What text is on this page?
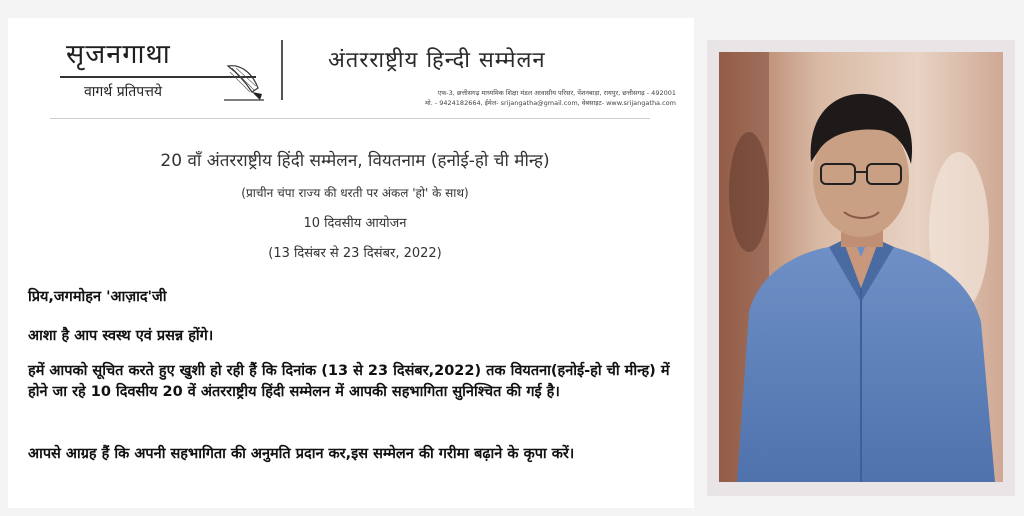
सृजनगाथा
वागर्थ प्रतिपत्तये
अंतरराष्ट्रीय हिन्दी सम्मेलन
एफ-3, छत्तीसगढ़ माध्यमिक शिक्षा मंडल आवासीय परिसर, पेंशनबाड़ा, रायपुर, छत्तीसगढ़ - 492001
मो. - 9424182664, ईमेल- srijangatha@gmail.com, वेबसाइट- www.srijangatha.com
20 वाँ अंतरराष्ट्रीय हिंदी सम्मेलन, वियतनाम (हनोई-हो ची मीन्ह)
(प्राचीन चंपा राज्य की धरती पर अंकल 'हो' के साथ)
10 दिवसीय आयोजन
(13 दिसंबर से 23 दिसंबर, 2022)
प्रिय,जगमोहन 'आज़ाद'जी
आशा है आप स्वस्थ एवं प्रसन्न होंगे।
हमें आपको सूचित करते हुए खुशी हो रही हैं कि दिनांक (13 से 23 दिसंबर,2022) तक वियतना(हनोई-हो ची मीन्ह) में होने जा रहे 10 दिवसीय 20 वें अंतरराष्ट्रीय हिंदी सम्मेलन में आपकी सहभागिता सुनिश्चित की गई है।
आपसे आग्रह हैं कि अपनी सहभागिता की अनुमति प्रदान कर,इस सम्मेलन की गरीमा बढ़ाने के कृपा करें।
